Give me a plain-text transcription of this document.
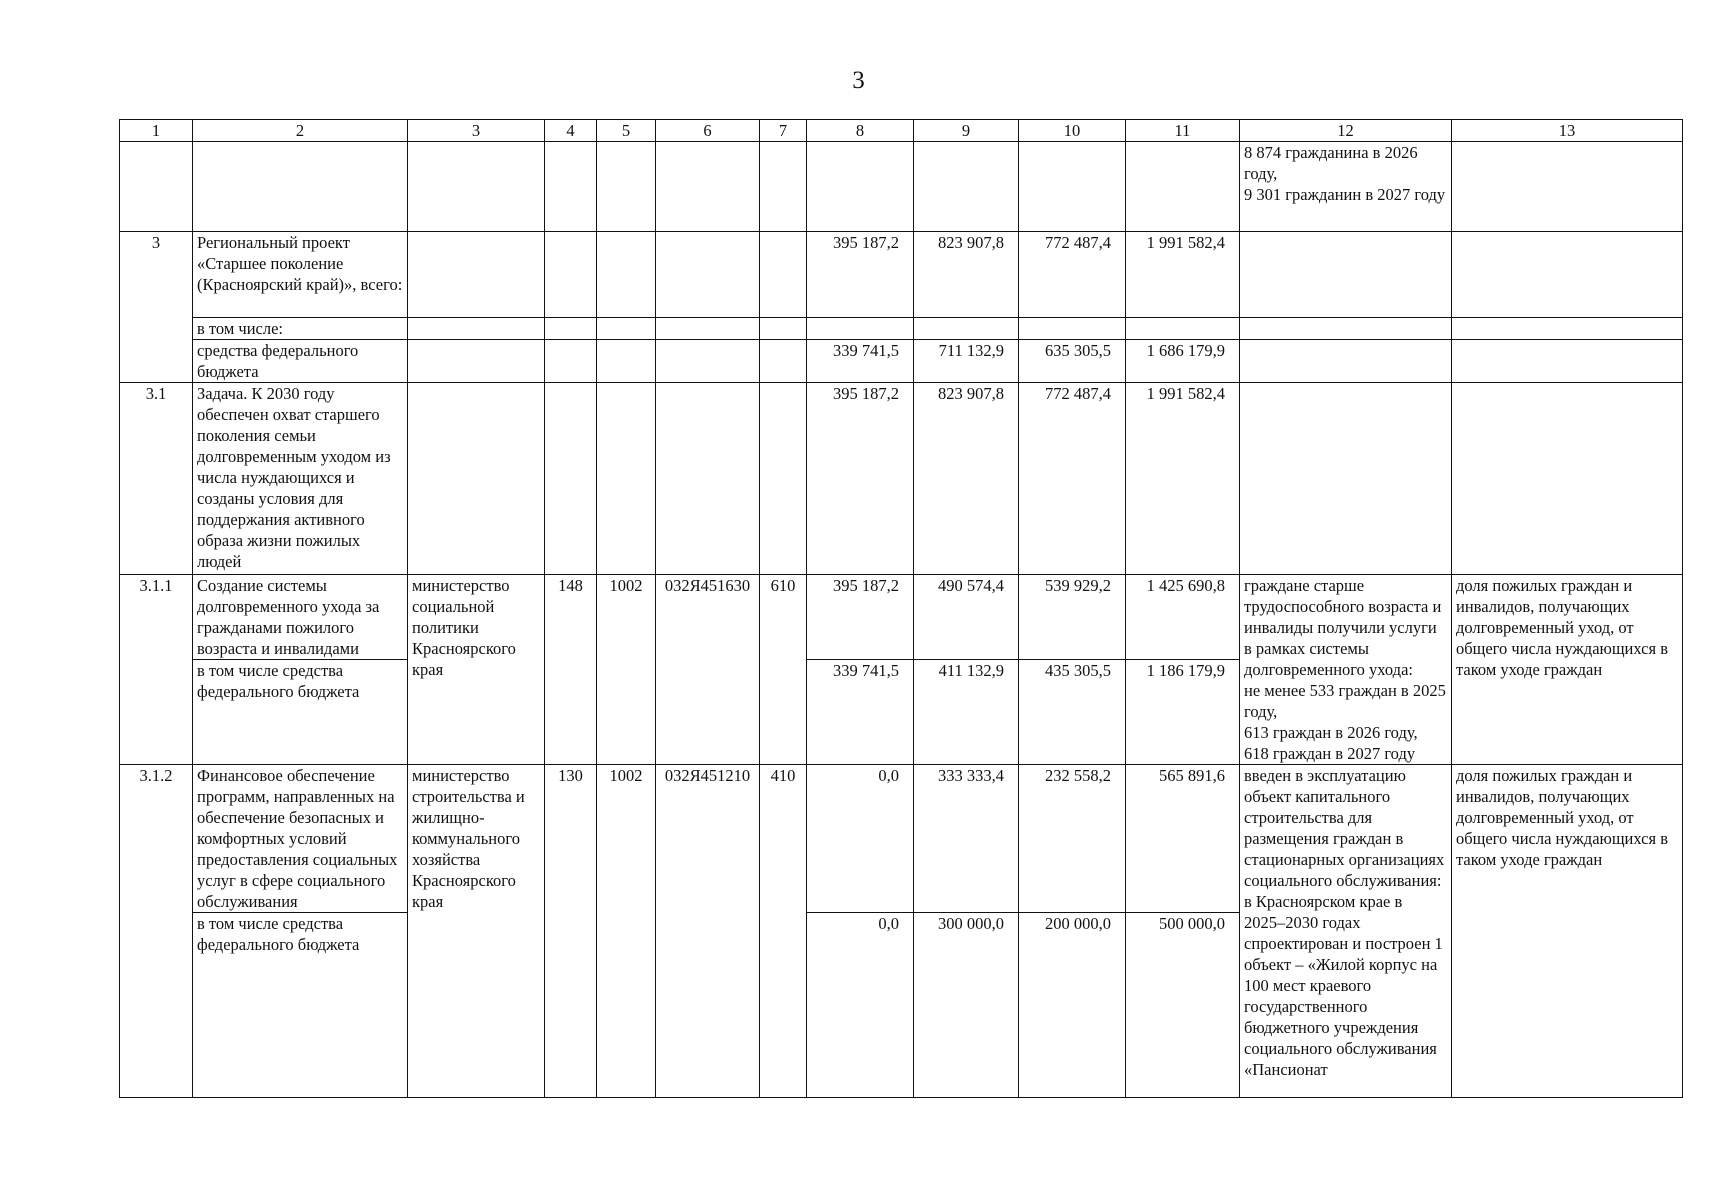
3
1	2	3	4	5	6	7	8	9	10	11	12	13
											8 874 гражданина в 2026 году,
9 301 гражданин в 2027 году	
3	Региональный проект «Старшее поколение (Красноярский край)», всего:						395 187,2	823 907,8	772 487,4	1 991 582,4		
	в том числе:											
	средства федерального бюджета						339 741,5	711 132,9	635 305,5	1 686 179,9		
3.1	Задача. К 2030 году обеспечен охват старшего поколения семьи долговременным уходом из числа нуждающихся и созданы условия для поддержания активного образа жизни пожилых людей						395 187,2	823 907,8	772 487,4	1 991 582,4		
3.1.1	Создание системы долговременного ухода за гражданами пожилого возраста и инвалидами	министерство социальной политики Красноярского края	148	1002	032Я451630	610	395 187,2	490 574,4	539 929,2	1 425 690,8	граждане старше трудоспособного возраста и инвалиды получили услуги в рамках системы долговременного ухода:
не менее 533 граждан в 2025 году,
613 граждан в 2026 году,
618 граждан в 2027 году	доля пожилых граждан и инвалидов, получающих долговременный уход, от общего числа нуждающихся в таком уходе граждан
	в том числе средства федерального бюджета						339 741,5	411 132,9	435 305,5	1 186 179,9		
3.1.2	Финансовое обеспечение программ, направленных на обеспечение безопасных и комфортных условий предоставления социальных услуг в сфере социального обслуживания	министерство строительства и жилищно-коммунального хозяйства Красноярского края	130	1002	032Я451210	410	0,0	333 333,4	232 558,2	565 891,6	введен в эксплуатацию объект капитального строительства для размещения граждан в стационарных организациях социального обслуживания:
в Красноярском крае в 2025–2030 годах спроектирован и построен 1 объект – «Жилой корпус на 100 мест краевого государственного бюджетного учреждения социального обслуживания «Пансионат	доля пожилых граждан и инвалидов, получающих долговременный уход, от общего числа нуждающихся в таком уходе граждан
	в том числе средства федерального бюджета						0,0	300 000,0	200 000,0	500 000,0		
